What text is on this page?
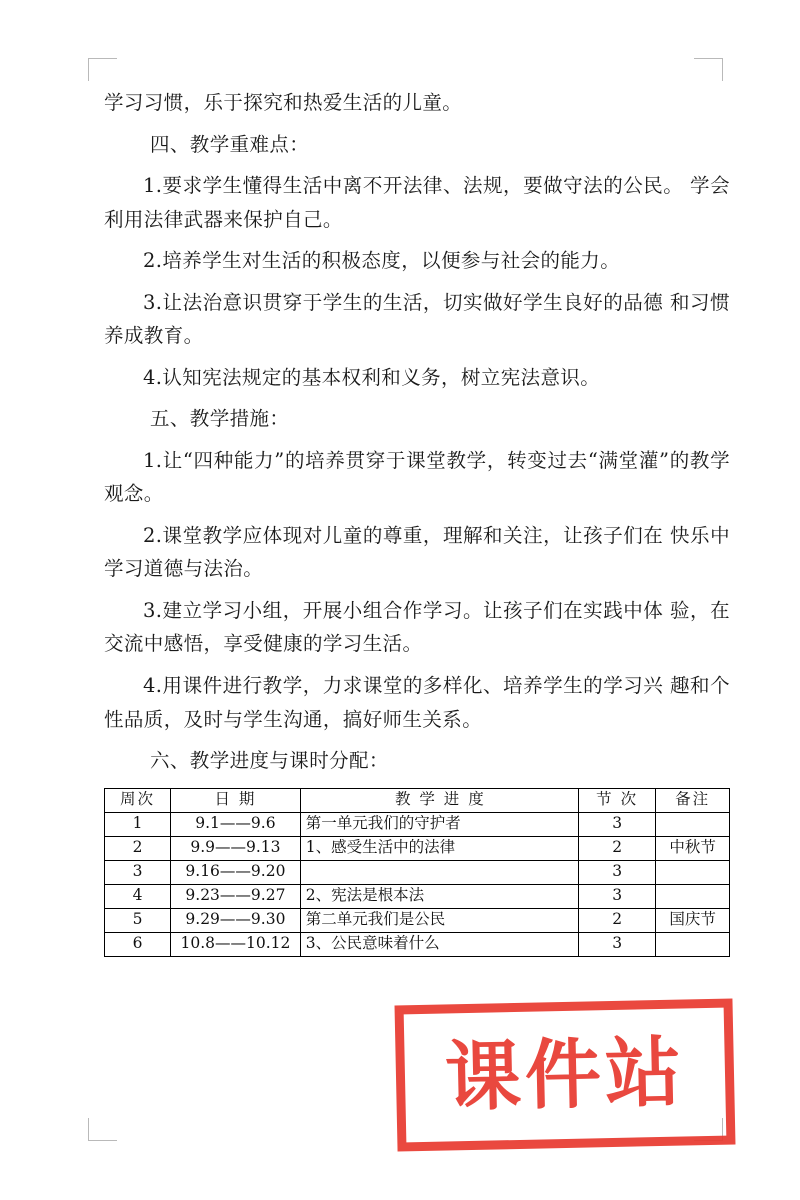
学习习惯，乐于探究和热爱生活的儿童。

四、教学重难点：

1.要求学生懂得生活中离不开法律、法规，要做守法的公民。 学会利用法律武器来保护自己。

2.培养学生对生活的积极态度，以便参与社会的能力。

3.让法治意识贯穿于学生的生活，切实做好学生良好的品德 和习惯养成教育。

4.认知宪法规定的基本权利和义务，树立宪法意识。

五、教学措施：

1.让“四种能力”的培养贯穿于课堂教学，转变过去“满堂灌”的教学观念。

2.课堂教学应体现对儿童的尊重，理解和关注，让孩子们在 快乐中学习道德与法治。

3.建立学习小组，开展小组合作学习。让孩子们在实践中体 验，在交流中感悟，享受健康的学习生活。

4.用课件进行教学，力求课堂的多样化、培养学生的学习兴 趣和个性品质，及时与学生沟通，搞好师生关系。

六、教学进度与课时分配：

周次	日 期	教 学 进 度	节 次	备注
1	9.1——9.6	第一单元我们的守护者	3	
2	9.9——9.13	1、感受生活中的法律	2	中秋节
3	9.16——9.20		3	
4	9.23——9.27	2、宪法是根本法	3	
5	9.29——9.30	第二单元我们是公民	2	国庆节
6	10.8——10.12	3、公民意味着什么	3	
课件站
